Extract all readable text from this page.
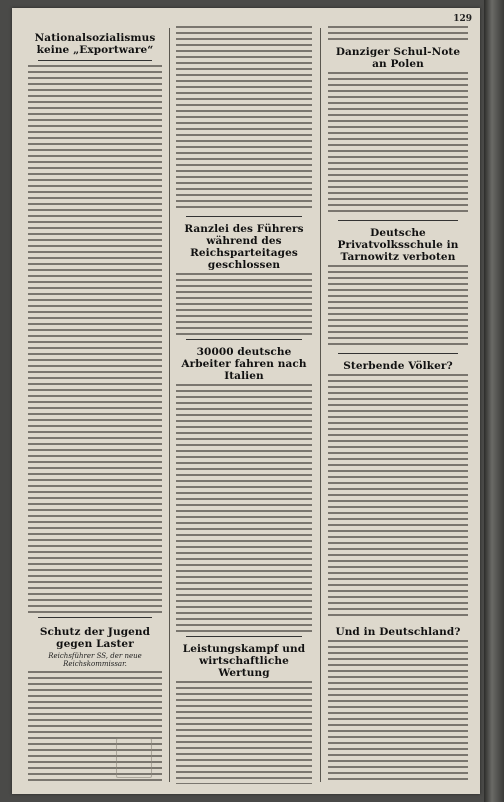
129
Nationalsozialismus keine „Exportware“
Schutz der Jugend gegen Laster
Reichsführer SS, der neue Reichskommissar.
Ranzlei des Führers während des Reichsparteitages geschlossen
30000 deutsche Arbeiter fahren nach Italien
Leistungskampf und wirtschaftliche Wertung
Danziger Schul-Note an Polen
Deutsche Privatvolksschule in Tarnowitz verboten
Sterbende Völker?
Und in Deutschland?
